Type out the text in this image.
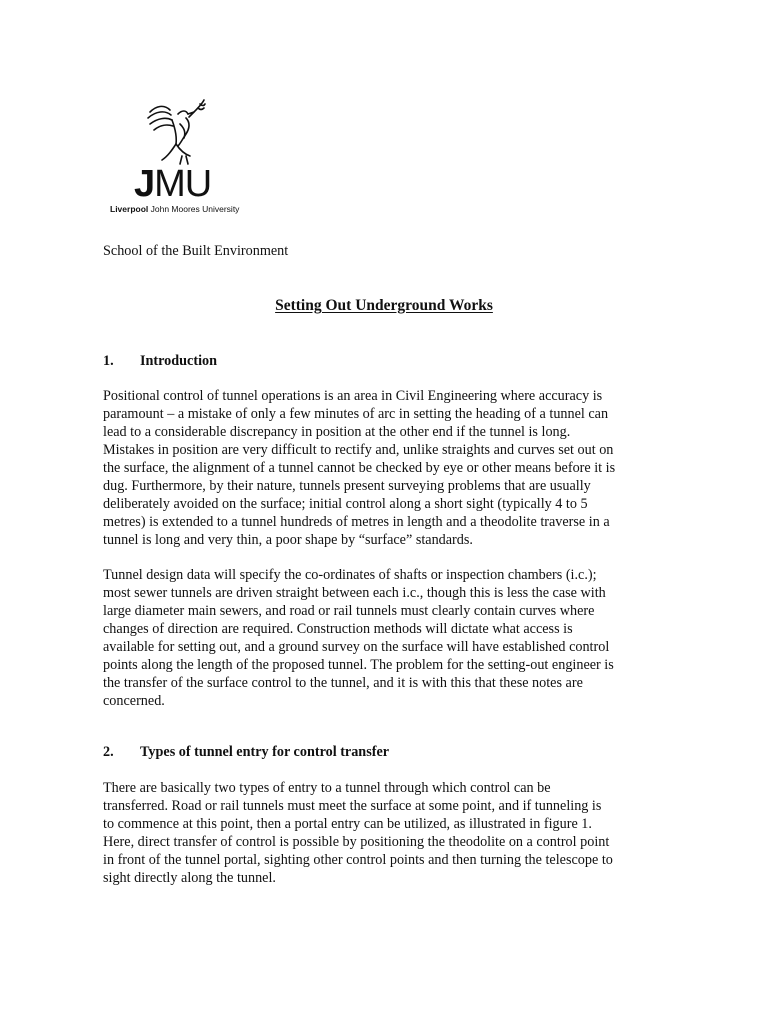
JMU
Liverpool John Moores University
School of the Built Environment
Setting Out Underground Works
1. Introduction
Positional control of tunnel operations is an area in Civil Engineering where accuracy is
paramount – a mistake of only a few minutes of arc in setting the heading of a tunnel can
lead to a considerable discrepancy in position at the other end if the tunnel is long.
Mistakes in position are very difficult to rectify and, unlike straights and curves set out on
the surface, the alignment of a tunnel cannot be checked by eye or other means before it is
dug. Furthermore, by their nature, tunnels present surveying problems that are usually
deliberately avoided on the surface; initial control along a short sight (typically 4 to 5
metres) is extended to a tunnel hundreds of metres in length and a theodolite traverse in a
tunnel is long and very thin, a poor shape by “surface” standards.
Tunnel design data will specify the co-ordinates of shafts or inspection chambers (i.c.);
most sewer tunnels are driven straight between each i.c., though this is less the case with
large diameter main sewers, and road or rail tunnels must clearly contain curves where
changes of direction are required. Construction methods will dictate what access is
available for setting out, and a ground survey on the surface will have established control
points along the length of the proposed tunnel. The problem for the setting-out engineer is
the transfer of the surface control to the tunnel, and it is with this that these notes are
concerned.
2. Types of tunnel entry for control transfer
There are basically two types of entry to a tunnel through which control can be
transferred. Road or rail tunnels must meet the surface at some point, and if tunneling is
to commence at this point, then a portal entry can be utilized, as illustrated in figure 1.
Here, direct transfer of control is possible by positioning the theodolite on a control point
in front of the tunnel portal, sighting other control points and then turning the telescope to
sight directly along the tunnel.
